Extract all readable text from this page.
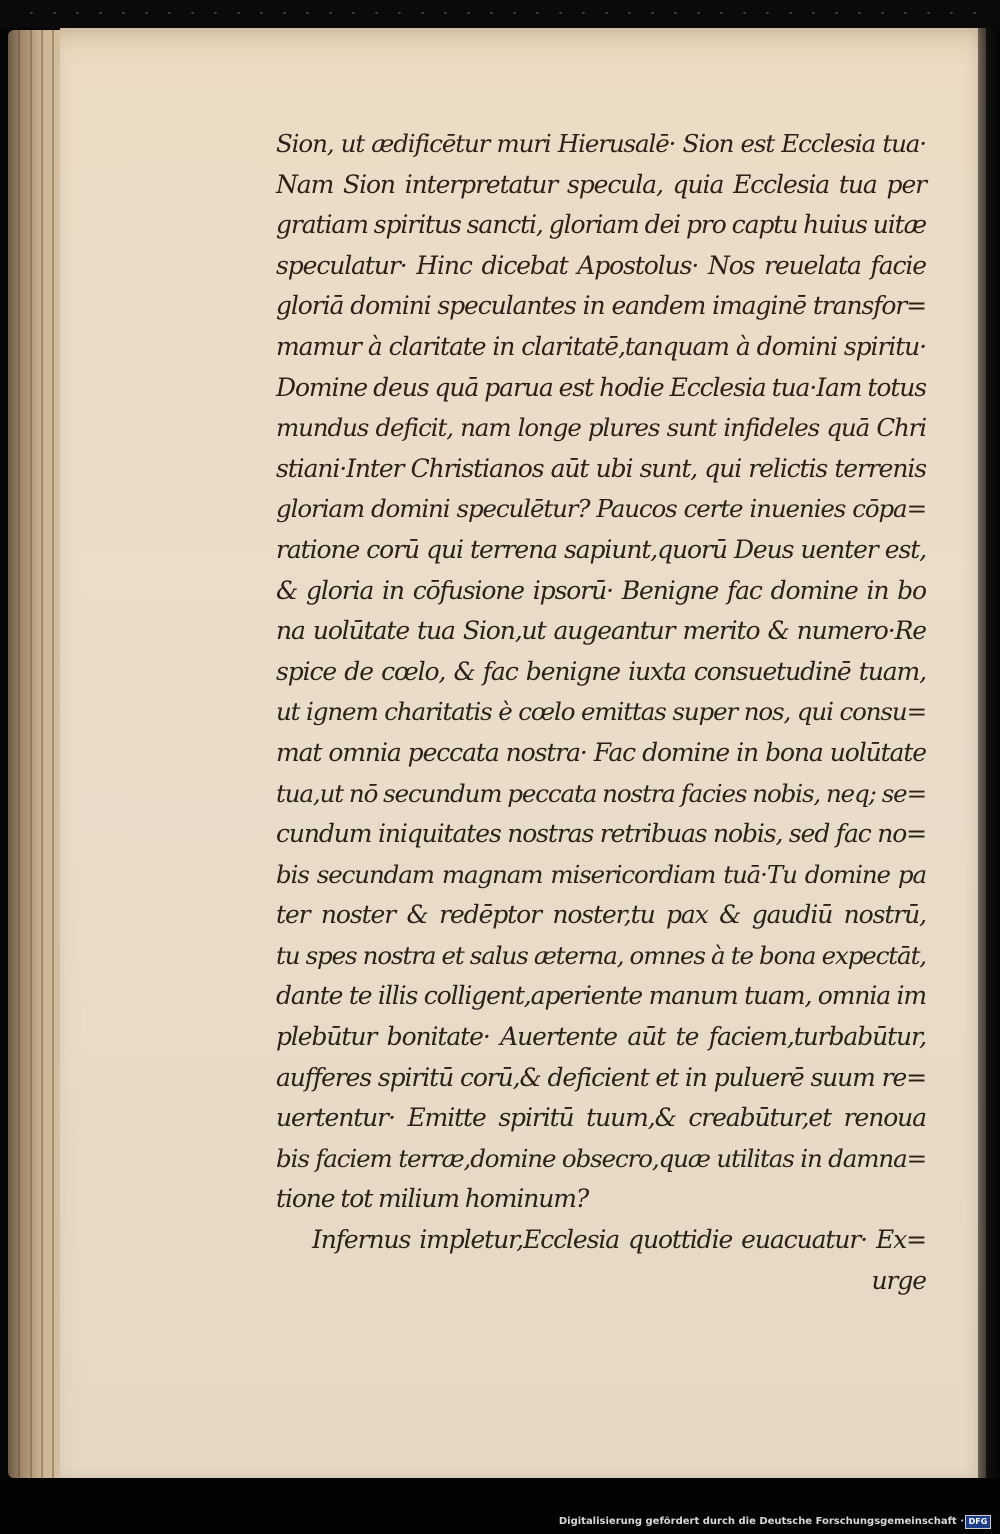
Sion, ut ædificētur muri Hierusalē· Sion est Ecclesia tua·
Nam Sion interpretatur specula, quia Ecclesia tua per
gratiam spiritus sancti, gloriam dei pro captu huius uitæ
speculatur· Hinc dicebat Apostolus· Nos reuelata facie
gloriā domini speculantes in eandem imaginē transfor=
mamur à claritate in claritatē,tanquam à domini spiritu·
Domine deus quā parua est hodie Ecclesia tua·Iam totus
mundus deficit, nam longe plures sunt infideles quā Chri
stiani·Inter Christianos aūt ubi sunt, qui relictis terrenis
gloriam domini speculētur? Paucos certe inuenies cōpa=
ratione corū qui terrena sapiunt,quorū Deus uenter est,
& gloria in cōfusione ipsorū· Benigne fac domine in bo
na uolūtate tua Sion,ut augeantur merito & numero·Re
spice de cœlo, & fac benigne iuxta consuetudinē tuam,
ut ignem charitatis è cœlo emittas super nos, qui consu=
mat omnia peccata nostra· Fac domine in bona uolūtate
tua,ut nō secundum peccata nostra facies nobis, neq; se=
cundum iniquitates nostras retribuas nobis, sed fac no=
bis secundam magnam misericordiam tuā·Tu domine pa
ter noster & redēptor noster,tu pax & gaudiū nostrū,
tu spes nostra et salus æterna, omnes à te bona expectāt,
dante te illis colligent,aperiente manum tuam, omnia im
plebūtur bonitate· Auertente aūt te faciem,turbabūtur,
aufferes spiritū corū,& deficient et in puluerē suum re=
uertentur· Emitte spiritū tuum,& creabūtur,et renoua
bis faciem terræ,domine obsecro,quæ utilitas in damna=
tione tot milium hominum?
Infernus impletur,Ecclesia quottidie euacuatur· Ex=
urge
Digitalisierung gefördert durch die Deutsche Forschungsgemeinschaft · DFG
